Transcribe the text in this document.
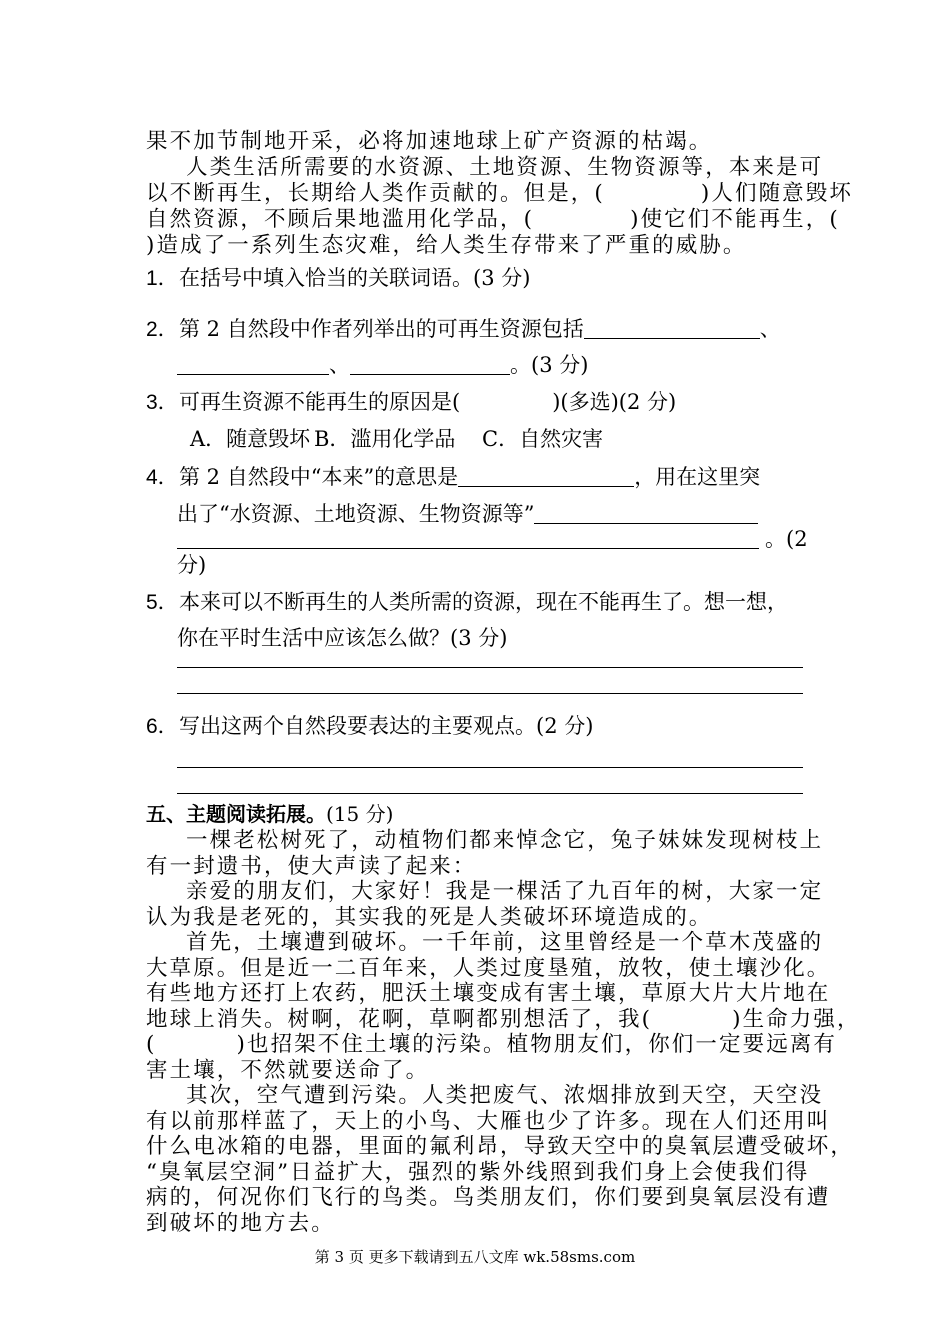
果不加节制地开采，必将加速地球上矿产资源的枯竭。
人类生活所需要的水资源、土地资源、生物资源等，本来是可
以不断再生，长期给人类作贡献的。但是，(	)人们随意毁坏
自然资源，不顾后果地滥用化学品，(	)使它们不能再生，(
)造成了一系列生态灾难，给人类生存带来了严重的威胁。
1．在括号中填入恰当的关联词语。(3 分)
2．第 2 自然段中作者列举出的可再生资源包括	、
、	。(3 分)
3．可再生资源不能再生的原因是(	)(多选)(2 分)
A．随意毁坏 B．滥用化学品 C．自然灾害
4．第 2 自然段中“本来”的意思是	，用在这里突
出了“水资源、土地资源、生物资源等”
。(2
分)
5．本来可以不断再生的人类所需的资源，现在不能再生了。想一想，
你在平时生活中应该怎么做？(3 分)
6．写出这两个自然段要表达的主要观点。(2 分)
五、主题阅读拓展。(15 分)
一棵老松树死了，动植物们都来悼念它，兔子妹妹发现树枝上
有一封遗书，使大声读了起来：
亲爱的朋友们，大家好！我是一棵活了九百年的树，大家一定
认为我是老死的，其实我的死是人类破坏环境造成的。
首先，土壤遭到破坏。一千年前，这里曾经是一个草木茂盛的
大草原。但是近一二百年来，人类过度垦殖，放牧，使土壤沙化。
有些地方还打上农药，肥沃土壤变成有害土壤，草原大片大片地在
地球上消失。树啊，花啊，草啊都别想活了，我(	)生命力强，
(	)也招架不住土壤的污染。植物朋友们，你们一定要远离有
害土壤，不然就要送命了。
其次，空气遭到污染。人类把废气、浓烟排放到天空，天空没
有以前那样蓝了，天上的小鸟、大雁也少了许多。现在人们还用叫
什么电冰箱的电器，里面的氟利昂，导致天空中的臭氧层遭受破坏，
“臭氧层空洞”日益扩大，强烈的紫外线照到我们身上会使我们得
病的，何况你们飞行的鸟类。鸟类朋友们，你们要到臭氧层没有遭
到破坏的地方去。
第 3 页 更多下载请到五八文库 wk.58sms.com
